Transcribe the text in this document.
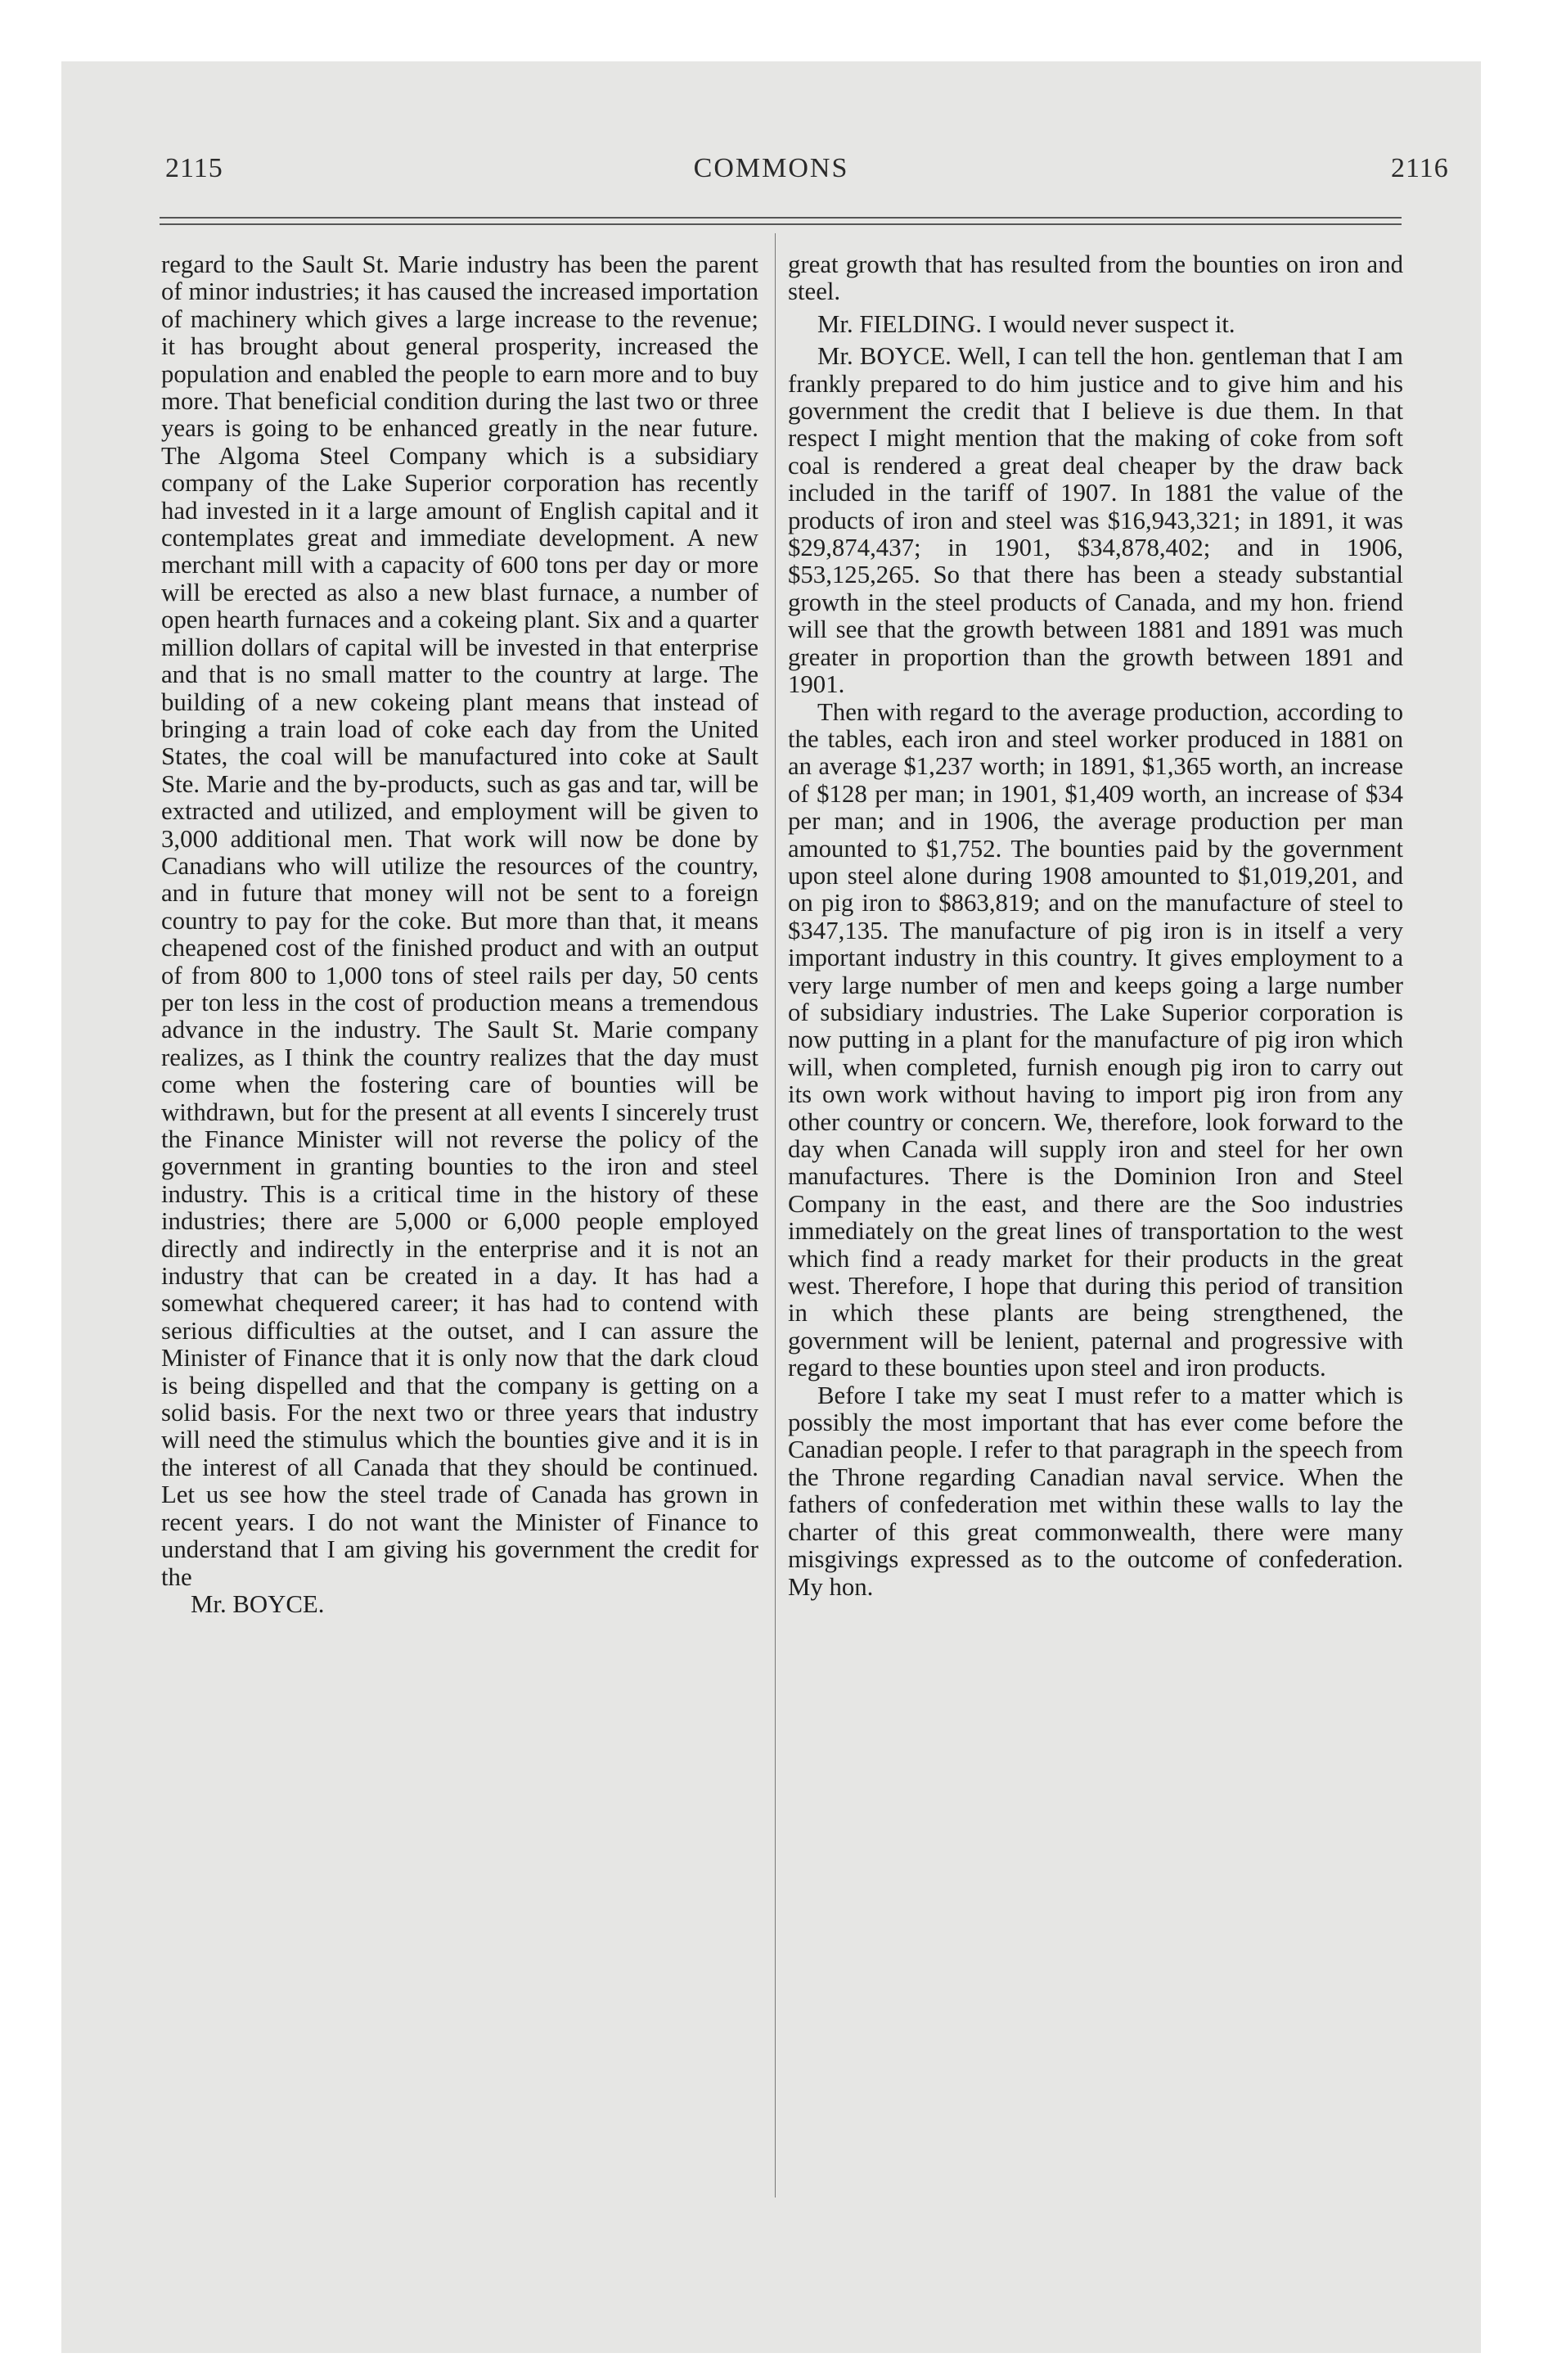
2115	COMMONS	2116

regard to the Sault St. Marie industry has been the parent of minor industries; it has caused the increased importation of machinery which gives a large increase to the revenue; it has brought about general prosperity, increased the population and enabled the people to earn more and to buy more. That beneficial condition during the last two or three years is going to be enhanced greatly in the near future. The Algoma Steel Company which is a subsidiary company of the Lake Superior corporation has recently had invested in it a large amount of English capital and it contemplates great and immediate development. A new merchant mill with a capacity of 600 tons per day or more will be erected as also a new blast furnace, a number of open hearth furnaces and a cokeing plant. Six and a quarter million dollars of capital will be invested in that enterprise and that is no small matter to the country at large. The building of a new cokeing plant means that instead of bringing a train load of coke each day from the United States, the coal will be manufactured into coke at Sault Ste. Marie and the by-products, such as gas and tar, will be extracted and utilized, and employment will be given to 3,000 additional men. That work will now be done by Canadians who will utilize the resources of the country, and in future that money will not be sent to a foreign country to pay for the coke. But more than that, it means cheapened cost of the finished product and with an output of from 800 to 1,000 tons of steel rails per day, 50 cents per ton less in the cost of production means a tremendous advance in the industry. The Sault St. Marie company realizes, as I think the country realizes that the day must come when the fostering care of bounties will be withdrawn, but for the present at all events I sincerely trust the Finance Minister will not reverse the policy of the government in granting bounties to the iron and steel industry. This is a critical time in the history of these industries; there are 5,000 or 6,000 people employed directly and indirectly in the enterprise and it is not an industry that can be created in a day. It has had a somewhat chequered career; it has had to contend with serious difficulties at the outset, and I can assure the Minister of Finance that it is only now that the dark cloud is being dispelled and that the company is getting on a solid basis. For the next two or three years that industry will need the stimulus which the bounties give and it is in the interest of all Canada that they should be continued. Let us see how the steel trade of Canada has grown in recent years. I do not want the Minister of Finance to understand that I am giving his government the credit for the

Mr. BOYCE.

great growth that has resulted from the bounties on iron and steel.

Mr. FIELDING. I would never suspect it.

Mr. BOYCE. Well, I can tell the hon. gentleman that I am frankly prepared to do him justice and to give him and his government the credit that I believe is due them. In that respect I might mention that the making of coke from soft coal is rendered a great deal cheaper by the draw back included in the tariff of 1907. In 1881 the value of the products of iron and steel was $16,943,321; in 1891, it was $29,874,437; in 1901, $34,878,402; and in 1906, $53,125,265. So that there has been a steady substantial growth in the steel products of Canada, and my hon. friend will see that the growth between 1881 and 1891 was much greater in proportion than the growth between 1891 and 1901.

Then with regard to the average production, according to the tables, each iron and steel worker produced in 1881 on an average $1,237 worth; in 1891, $1,365 worth, an increase of $128 per man; in 1901, $1,409 worth, an increase of $34 per man; and in 1906, the average production per man amounted to $1,752. The bounties paid by the government upon steel alone during 1908 amounted to $1,019,201, and on pig iron to $863,819; and on the manufacture of steel to $347,135. The manufacture of pig iron is in itself a very important industry in this country. It gives employment to a very large number of men and keeps going a large number of subsidiary industries. The Lake Superior corporation is now putting in a plant for the manufacture of pig iron which will, when completed, furnish enough pig iron to carry out its own work without having to import pig iron from any other country or concern. We, therefore, look forward to the day when Canada will supply iron and steel for her own manufactures. There is the Dominion Iron and Steel Company in the east, and there are the Soo industries immediately on the great lines of transportation to the west which find a ready market for their products in the great west. Therefore, I hope that during this period of transition in which these plants are being strengthened, the government will be lenient, paternal and progressive with regard to these bounties upon steel and iron products.

Before I take my seat I must refer to a matter which is possibly the most important that has ever come before the Canadian people. I refer to that paragraph in the speech from the Throne regarding Canadian naval service. When the fathers of confederation met within these walls to lay the charter of this great commonwealth, there were many misgivings expressed as to the outcome of confederation. My hon.
